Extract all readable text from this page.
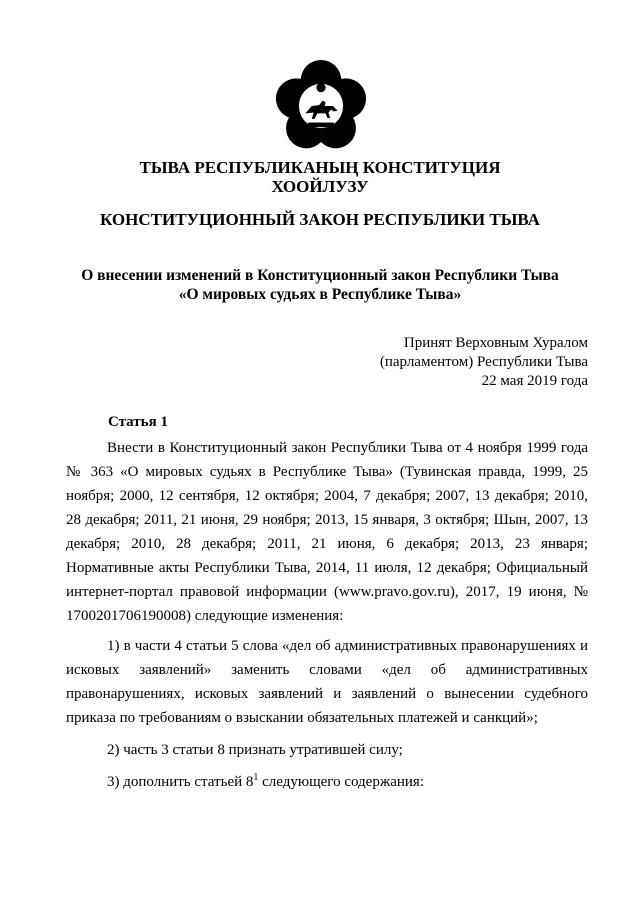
ТЫВА РЕСПУБЛИКАНЫҢ КОНСТИТУЦИЯ
ХООЙЛУЗУ
КОНСТИТУЦИОННЫЙ ЗАКОН РЕСПУБЛИКИ ТЫВА
О внесении изменений в Конституционный закон Республики Тыва
«О мировых судьях в Республике Тыва»
Принят Верховным Хуралом
(парламентом) Республики Тыва
22 мая 2019 года
Статья 1

Внести в Конституционный закон Республики Тыва от 4 ноября 1999 года № 363 «О мировых судьях в Республике Тыва» (Тувинская правда, 1999, 25 ноября; 2000, 12 сентября, 12 октября; 2004, 7 декабря; 2007, 13 декабря; 2010, 28 декабря; 2011, 21 июня, 29 ноября; 2013, 15 января, 3 октября; Шын, 2007, 13 декабря; 2010, 28 декабря; 2011, 21 июня, 6 декабря; 2013, 23 января; Нормативные акты Республики Тыва, 2014, 11 июля, 12 декабря; Официальный интернет-портал правовой информации (www.pravo.gov.ru), 2017, 19 июня, № 1700201706190008) следующие изменения:

1) в части 4 статьи 5 слова «дел об административных правонарушениях и исковых заявлений» заменить словами «дел об административных правонарушениях, исковых заявлений и заявлений о вынесении судебного приказа по требованиям о взыскании обязательных платежей и санкций»;

2) часть 3 статьи 8 признать утратившей силу;

3) дополнить статьей $8^1$ следующего содержания:
